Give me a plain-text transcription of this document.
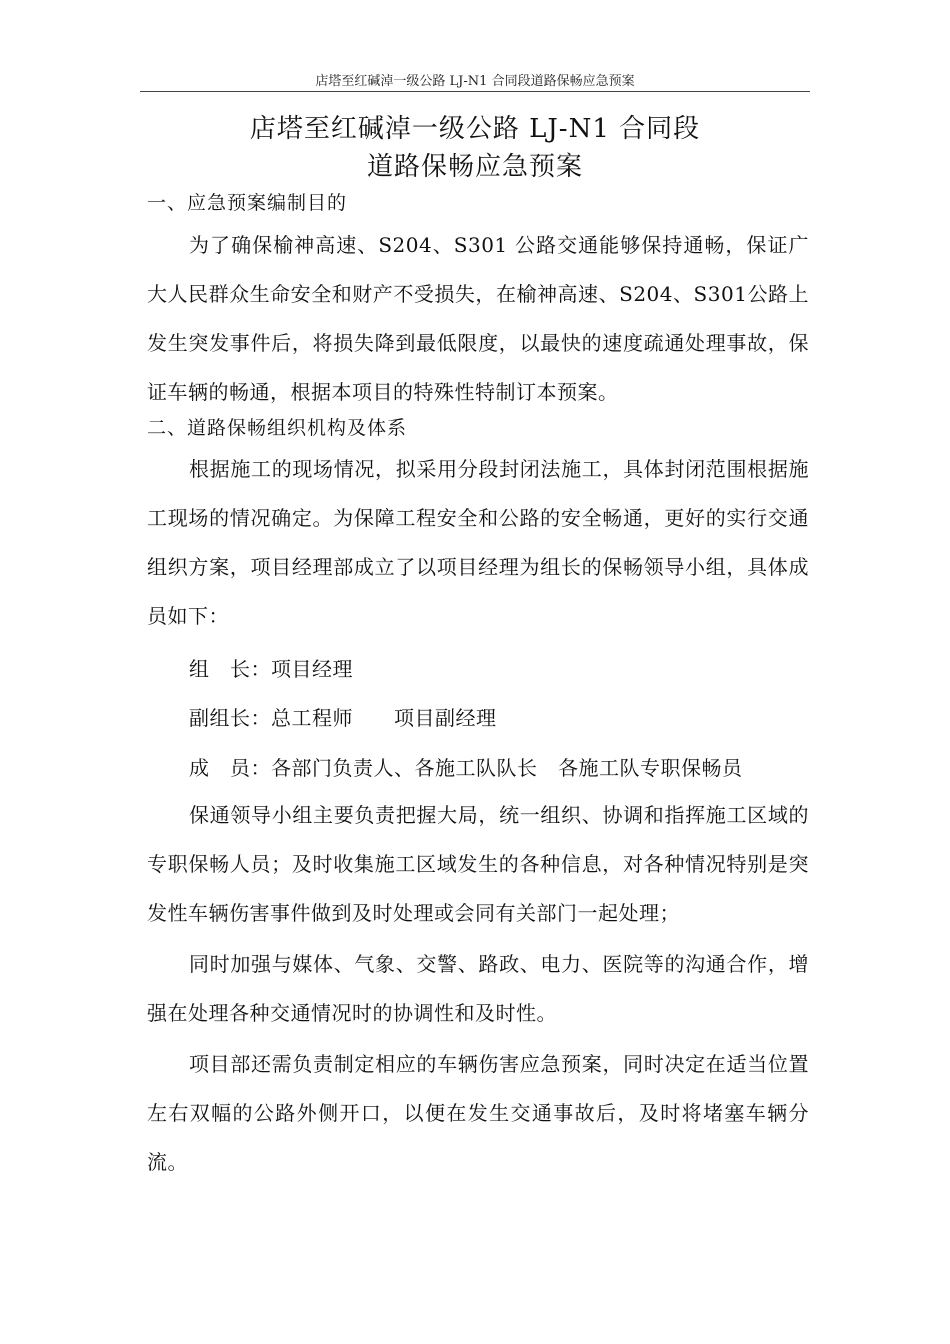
店塔至红碱淖一级公路 LJ-N1 合同段道路保畅应急预案
店塔至红碱淖一级公路 LJ-N1 合同段
道路保畅应急预案
一、应急预案编制目的
为了确保榆神高速、S204、S301 公路交通能够保持通畅，保证广大人民群众生命安全和财产不受损失，在榆神高速、S204、S301公路上发生突发事件后，将损失降到最低限度，以最快的速度疏通处理事故，保证车辆的畅通，根据本项目的特殊性特制订本预案。
二、道路保畅组织机构及体系
根据施工的现场情况，拟采用分段封闭法施工，具体封闭范围根据施工现场的情况确定。为保障工程安全和公路的安全畅通，更好的实行交通组织方案，项目经理部成立了以项目经理为组长的保畅领导小组，具体成员如下：
组　长：项目经理
副组长：总工程师　　项目副经理
成　员：各部门负责人、各施工队队长　各施工队专职保畅员
保通领导小组主要负责把握大局，统一组织、协调和指挥施工区域的专职保畅人员；及时收集施工区域发生的各种信息，对各种情况特别是突发性车辆伤害事件做到及时处理或会同有关部门一起处理；
同时加强与媒体、气象、交警、路政、电力、医院等的沟通合作，增强在处理各种交通情况时的协调性和及时性。
项目部还需负责制定相应的车辆伤害应急预案，同时决定在适当位置左右双幅的公路外侧开口，以便在发生交通事故后，及时将堵塞车辆分流。
